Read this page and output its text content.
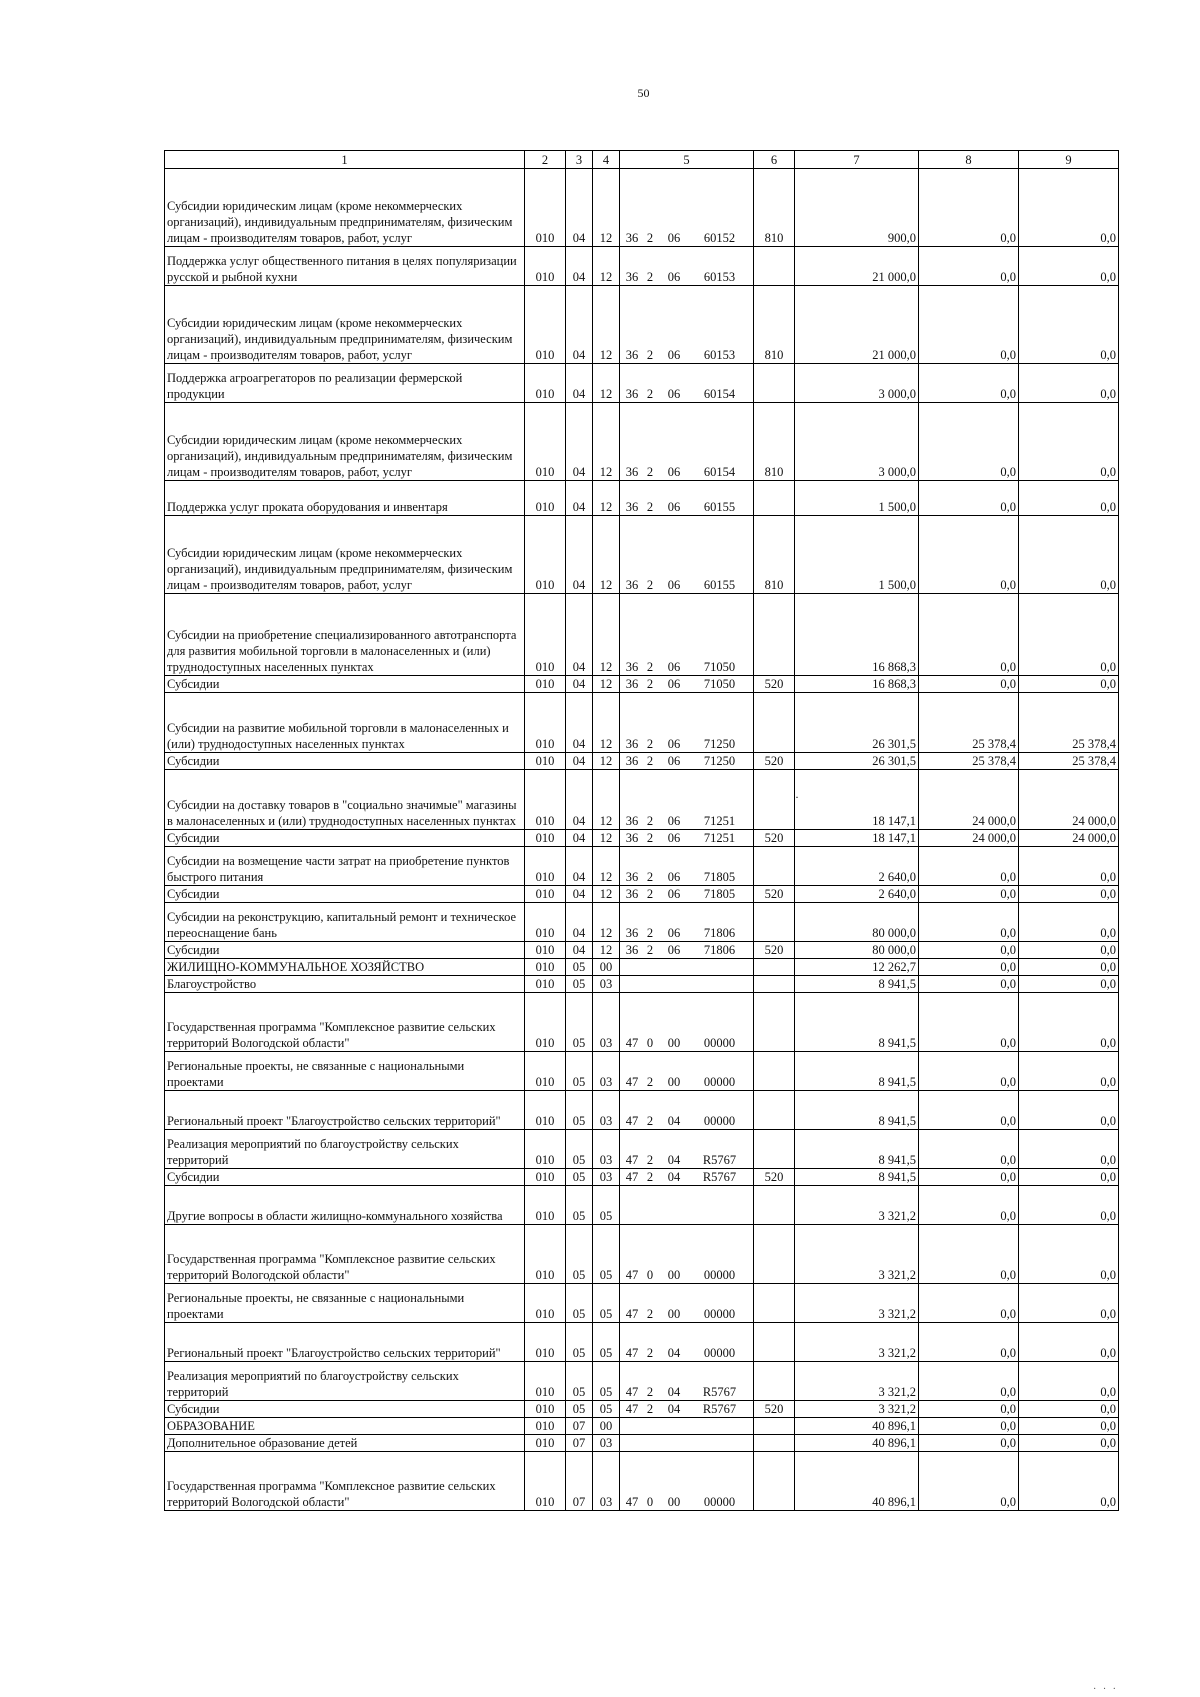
50
1	2	3	4	5	6	7	8	9
Субсидии юридическим лицам (кроме некоммерческих организаций), индивидуальным предпринимателям, физическим лицам - производителям товаров, работ, услуг	010	04	12	36 2 06 60152	810	900,0	0,0	0,0
Поддержка услуг общественного питания в целях популяризации русской и рыбной кухни	010	04	12	36 2 06 60153		21 000,0	0,0	0,0
Субсидии юридическим лицам (кроме некоммерческих организаций), индивидуальным предпринимателям, физическим лицам - производителям товаров, работ, услуг	010	04	12	36 2 06 60153	810	21 000,0	0,0	0,0
Поддержка агроагрегаторов по реализации фермерской продукции	010	04	12	36 2 06 60154		3 000,0	0,0	0,0
Субсидии юридическим лицам (кроме некоммерческих организаций), индивидуальным предпринимателям, физическим лицам - производителям товаров, работ, услуг	010	04	12	36 2 06 60154	810	3 000,0	0,0	0,0
Поддержка услуг проката оборудования и инвентаря	010	04	12	36 2 06 60155		1 500,0	0,0	0,0
Субсидии юридическим лицам (кроме некоммерческих организаций), индивидуальным предпринимателям, физическим лицам - производителям товаров, работ, услуг	010	04	12	36 2 06 60155	810	1 500,0	0,0	0,0
Субсидии на приобретение специализированного автотранспорта для развития мобильной торговли в малонаселенных и (или) труднодоступных населенных пунктах	010	04	12	36 2 06 71050		16 868,3	0,0	0,0
Субсидии	010	04	12	36 2 06 71050	520	16 868,3	0,0	0,0
Субсидии на развитие мобильной торговли в малонаселенных и (или) труднодоступных населенных пунктах	010	04	12	36 2 06 71250		26 301,5	25 378,4	25 378,4
Субсидии	010	04	12	36 2 06 71250	520	26 301,5	25 378,4	25 378,4
Субсидии на доставку товаров в "социально значимые" магазины в малонаселенных и (или) труднодоступных населенных пунктах	010	04	12	36 2 06 71251		18 147,1	24 000,0	24 000,0
Субсидии	010	04	12	36 2 06 71251	520	18 147,1	24 000,0	24 000,0
Субсидии на возмещение части затрат на приобретение пунктов быстрого питания	010	04	12	36 2 06 71805		2 640,0	0,0	0,0
Субсидии	010	04	12	36 2 06 71805	520	2 640,0	0,0	0,0
Субсидии на реконструкцию, капитальный ремонт и техническое переоснащение бань	010	04	12	36 2 06 71806		80 000,0	0,0	0,0
Субсидии	010	04	12	36 2 06 71806	520	80 000,0	0,0	0,0
ЖИЛИЩНО-КОММУНАЛЬНОЕ ХОЗЯЙСТВО	010	05	00			12 262,7	0,0	0,0
Благоустройство	010	05	03			8 941,5	0,0	0,0
Государственная программа "Комплексное развитие сельских территорий Вологодской области"	010	05	03	47 0 00 00000		8 941,5	0,0	0,0
Региональные проекты, не связанные с национальными проектами	010	05	03	47 2 00 00000		8 941,5	0,0	0,0
Региональный проект "Благоустройство сельских территорий"	010	05	03	47 2 04 00000		8 941,5	0,0	0,0
Реализация мероприятий по благоустройству сельских территорий	010	05	03	47 2 04 R5767		8 941,5	0,0	0,0
Субсидии	010	05	03	47 2 04 R5767	520	8 941,5	0,0	0,0
Другие вопросы в области жилищно-коммунального хозяйства	010	05	05			3 321,2	0,0	0,0
Государственная программа "Комплексное развитие сельских территорий Вологодской области"	010	05	05	47 0 00 00000		3 321,2	0,0	0,0
Региональные проекты, не связанные с национальными проектами	010	05	05	47 2 00 00000		3 321,2	0,0	0,0
Региональный проект "Благоустройство сельских территорий"	010	05	05	47 2 04 00000		3 321,2	0,0	0,0
Реализация мероприятий по благоустройству сельских территорий	010	05	05	47 2 04 R5767		3 321,2	0,0	0,0
Субсидии	010	05	05	47 2 04 R5767	520	3 321,2	0,0	0,0
ОБРАЗОВАНИЕ	010	07	00			40 896,1	0,0	0,0
Дополнительное образование детей	010	07	03			40 896,1	0,0	0,0
Государственная программа "Комплексное развитие сельских территорий Вологодской области"	010	07	03	47 0 00 00000		40 896,1	0,0	0,0
·
· · ·
